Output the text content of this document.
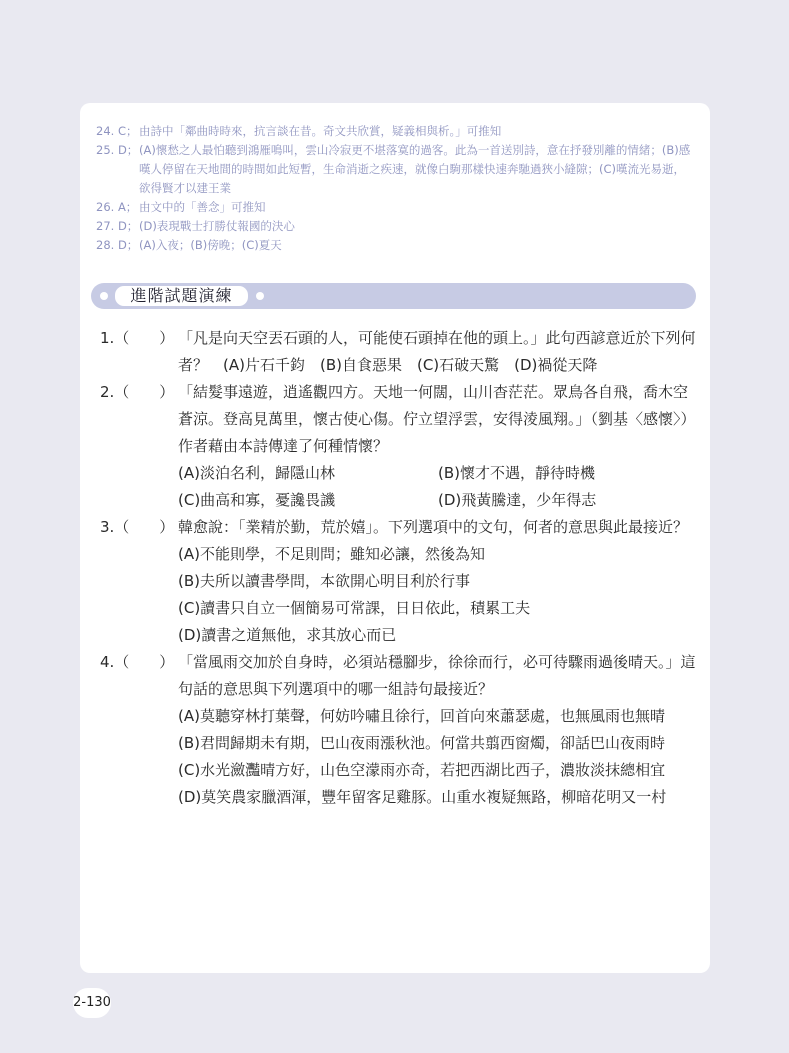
24. C； 由詩中「鄰曲時時來，抗言談在昔。奇文共欣賞，疑義相與析。」可推知
25. D； (A)懷愁之人最怕聽到鴻雁鳴叫，雲山冷寂更不堪落寞的過客。此為一首送別詩，意在抒發別離的情緒；(B)感嘆人停留在天地間的時間如此短暫，生命消逝之疾速，就像白駒那樣快速奔馳過狹小縫隙；(C)嘆流光易逝，欲得賢才以建王業
26. A； 由文中的「善念」可推知
27. D； (D)表現戰士打勝仗報國的決心
28. D； (A)入夜；(B)傍晚；(C)夏天
進階試題演練
1.（　　） 「凡是向天空丟石頭的人，可能使石頭掉在他的頭上。」此句西諺意近於下列何者？　(A)片石千鈞　(B)自食惡果　(C)石破天驚　(D)禍從天降
2.（　　） 「結髮事遠遊，逍遙觀四方。天地一何闊，山川杳茫茫。眾鳥各自飛，喬木空蒼涼。登高見萬里，懷古使心傷。佇立望浮雲，安得淩風翔。」（劉基〈感懷〉）作者藉由本詩傳達了何種情懷？
(A)淡泊名利，歸隱山林	(B)懷才不遇，靜待時機
(C)曲高和寡，憂讒畏譏	(D)飛黃騰達，少年得志
3.（　　） 韓愈說：「業精於勤，荒於嬉」。下列選項中的文句，何者的意思與此最接近？
(A)不能則學，不足則問；雖知必讓，然後為知
(B)夫所以讀書學問，本欲開心明目利於行事
(C)讀書只自立一個簡易可常課，日日依此，積累工夫
(D)讀書之道無他，求其放心而已
4.（　　） 「當風雨交加於自身時，必須站穩腳步，徐徐而行，必可待驟雨過後晴天。」這句話的意思與下列選項中的哪一組詩句最接近？
(A)莫聽穿林打葉聲，何妨吟嘯且徐行，回首向來蕭瑟處，也無風雨也無晴
(B)君問歸期未有期，巴山夜雨漲秋池。何當共翦西窗燭，卻話巴山夜雨時
(C)水光瀲灩晴方好，山色空濛雨亦奇，若把西湖比西子，濃妝淡抹總相宜
(D)莫笑農家臘酒渾，豐年留客足雞豚。山重水複疑無路，柳暗花明又一村
2-130
